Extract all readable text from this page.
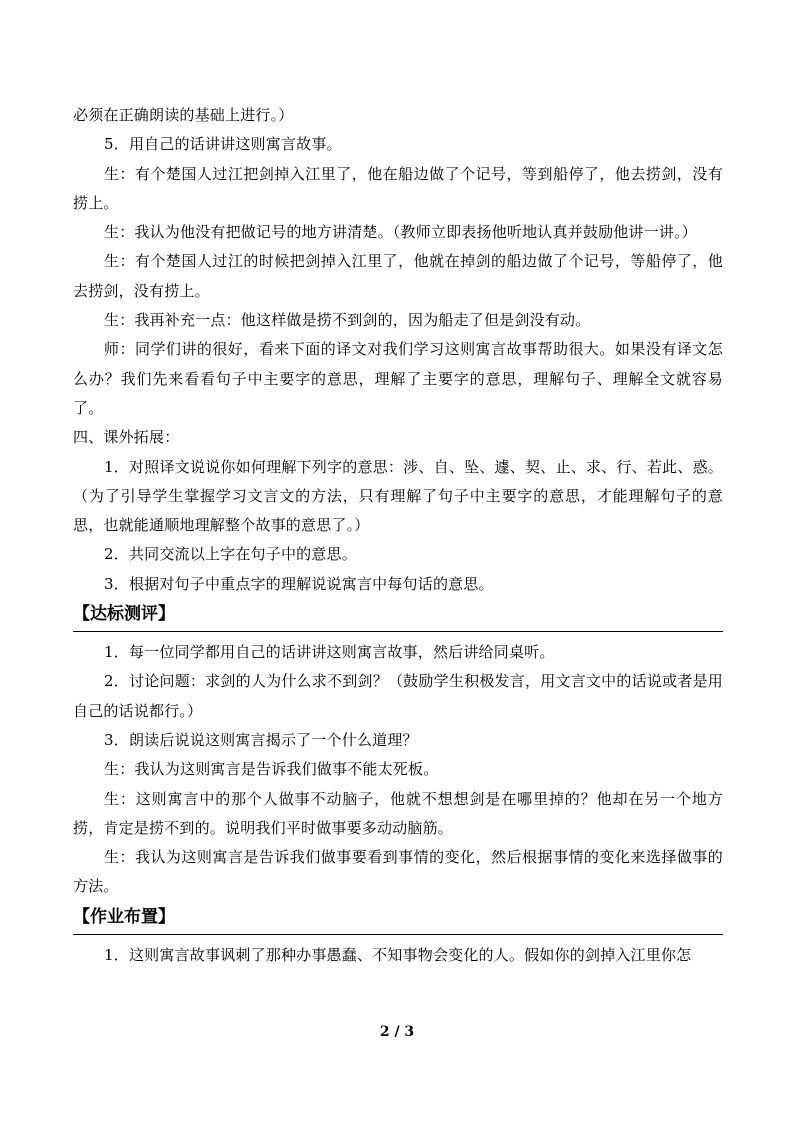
必须在正确朗读的基础上进行。）

5．用自己的话讲讲这则寓言故事。

生：有个楚国人过江把剑掉入江里了，他在船边做了个记号，等到船停了，他去捞剑，没有捞上。

生：我认为他没有把做记号的地方讲清楚。（教师立即表扬他听地认真并鼓励他讲一讲。）

生：有个楚国人过江的时候把剑掉入江里了，他就在掉剑的船边做了个记号，等船停了，他去捞剑，没有捞上。

生：我再补充一点：他这样做是捞不到剑的，因为船走了但是剑没有动。

师：同学们讲的很好，看来下面的译文对我们学习这则寓言故事帮助很大。如果没有译文怎么办？我们先来看看句子中主要字的意思，理解了主要字的意思，理解句子、理解全文就容易了。

四、课外拓展：

1．对照译文说说你如何理解下列字的意思：涉、自、坠、遽、契、止、求、行、若此、惑。（为了引导学生掌握学习文言文的方法，只有理解了句子中主要字的意思，才能理解句子的意思，也就能通顺地理解整个故事的意思了。）

2．共同交流以上字在句子中的意思。

3．根据对句子中重点字的理解说说寓言中每句话的意思。

【达标测评】

1．每一位同学都用自己的话讲讲这则寓言故事，然后讲给同桌听。

2．讨论问题：求剑的人为什么求不到剑？（鼓励学生积极发言，用文言文中的话说或者是用自己的话说都行。）

3．朗读后说说这则寓言揭示了一个什么道理？

生：我认为这则寓言是告诉我们做事不能太死板。

生：这则寓言中的那个人做事不动脑子，他就不想想剑是在哪里掉的？他却在另一个地方捞，肯定是捞不到的。说明我们平时做事要多动动脑筋。

生：我认为这则寓言是告诉我们做事要看到事情的变化，然后根据事情的变化来选择做事的方法。

【作业布置】

1．这则寓言故事讽刺了那种办事愚蠢、不知事物会变化的人。假如你的剑掉入江里你怎

2 / 3
